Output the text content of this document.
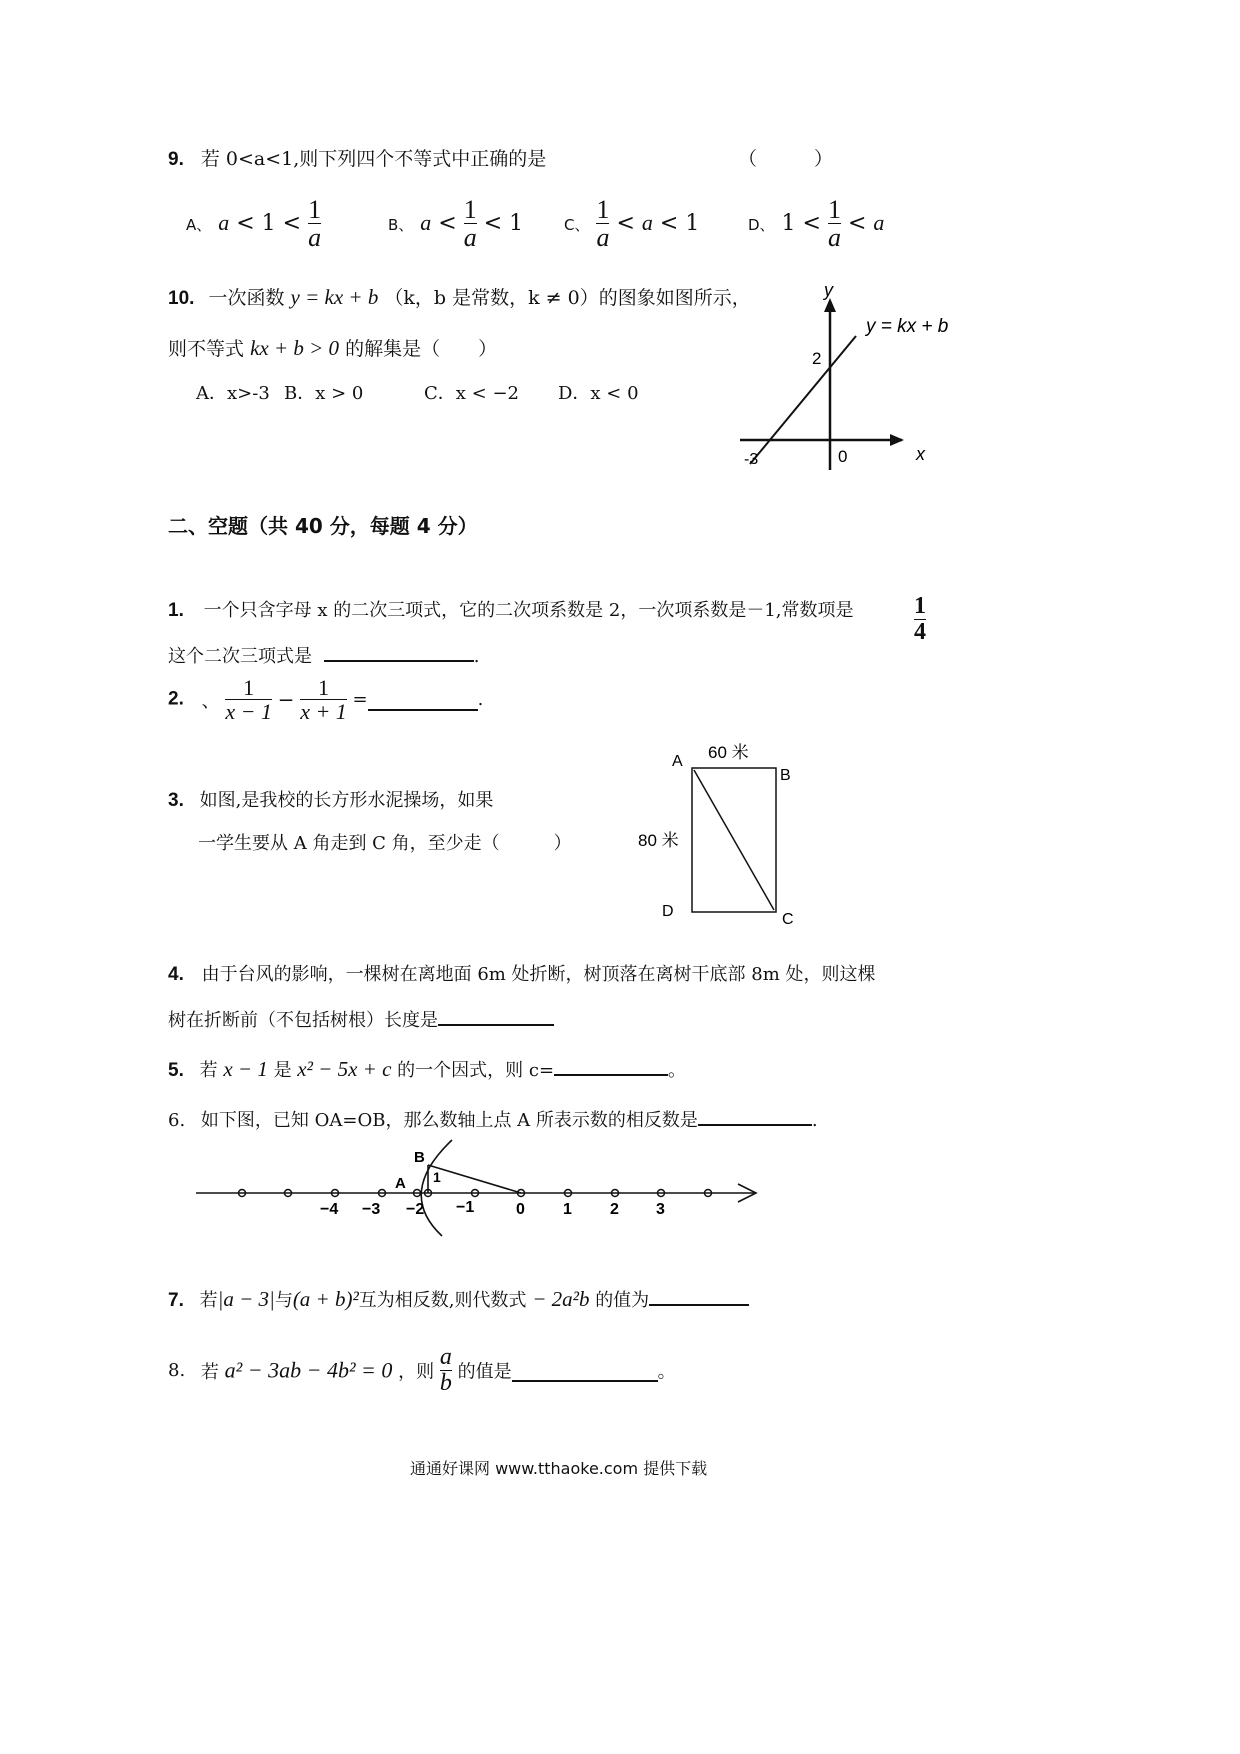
9. 若 0<a<1,则下列四个不等式中正确的是	（　　　）
A、 $a < 1 < \frac{1}{a}$	B、 $a < \frac{1}{a} < 1$	C、 $\frac{1}{a} < a < 1$	D、 $1 < \frac{1}{a} < a$
10. 一次函数 y = kx + b （k，b 是常数，k ≠ 0）的图象如图所示，
则不等式 kx + b > 0 的解集是（　　）
A．x>-3 B．x > 0	C．x < −2 D．x < 0
y
x
y = kx + b
2
-3	0
二、空题（共 40 分，每题 4 分）
1. 一个只含字母 x 的二次三项式，它的二次项系数是 2，一次项系数是－1,常数项是	$\frac{1}{4}$
这个二次三项式是	.
2. 、 $\frac{1}{x - 1} - \frac{1}{x + 1}$ =	.
3. 如图,是我校的长方形水泥操场，如果
一学生要从 A 角走到 C 角，至少走（　　　）
A
B
C
D
60 米
80 米
4. 由于台风的影响，一棵树在离地面 6m 处折断，树顶落在离树干底部 8m 处，则这棵
树在折断前（不包括树根）长度是
5. 若 x − 1 是 x² − 5x + c 的一个因式，则 c=	。
6. 如下图，已知 OA=OB，那么数轴上点 A 所表示数的相反数是	.
−4 −3 −2 −1	0 1 2 3
A
B
1
7. 若|a − 3|与(a + b)²互为相反数,则代数式 − 2a²b 的值为
8. 若 a² − 3ab − 4b² = 0 ，则 $\frac{a}{b}$ 的值是	。
通通好课网 www.tthaoke.com 提供下载
